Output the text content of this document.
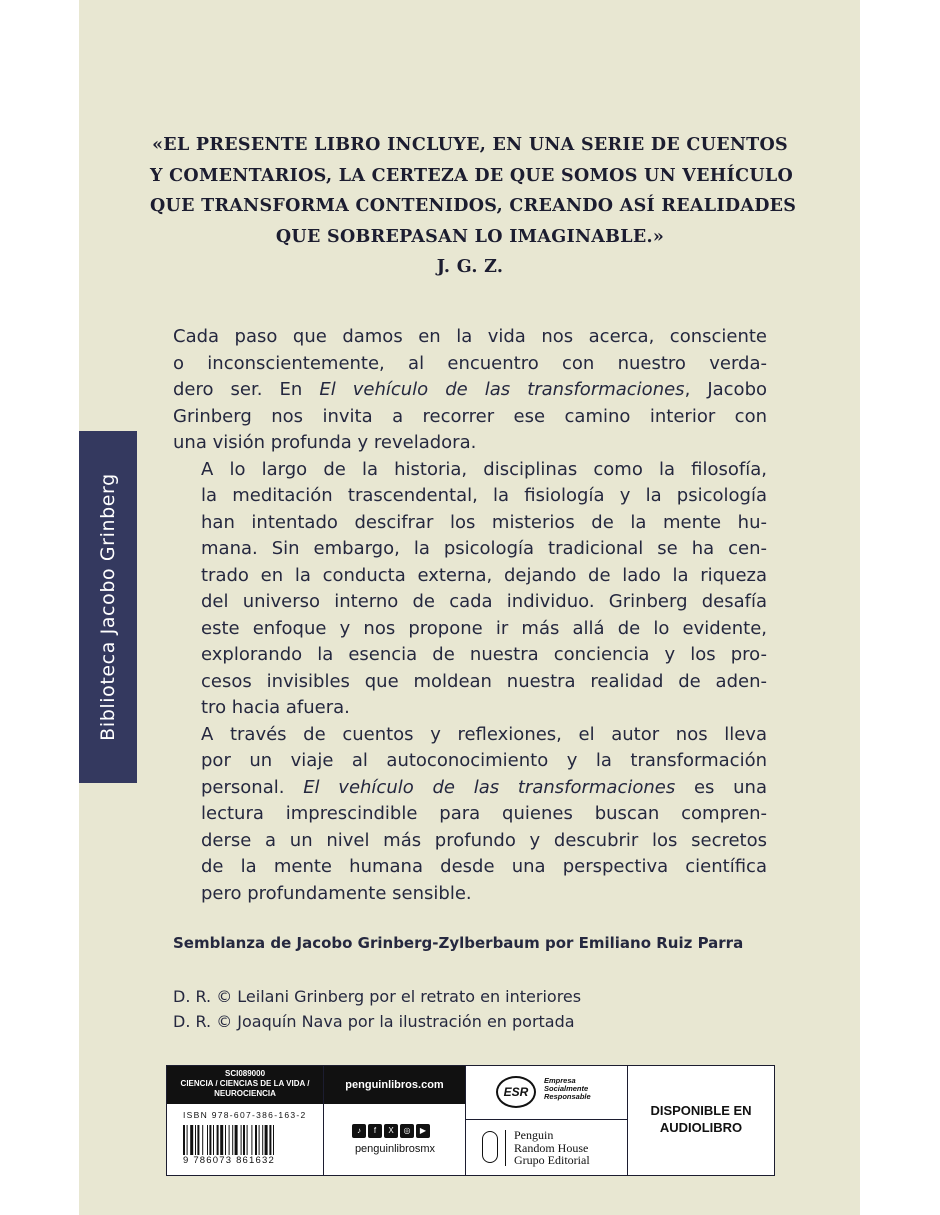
Biblioteca Jacobo Grinberg
«EL PRESENTE LIBRO INCLUYE, EN UNA SERIE DE CUENTOS
Y COMENTARIOS, LA CERTEZA DE QUE SOMOS UN VEHÍCULO
QUE TRANSFORMA CONTENIDOS, CREANDO ASÍ REALIDADES
QUE SOBREPASAN LO IMAGINABLE.»
J. G. Z.

Cada paso que damos en la vida nos acerca, consciente
o inconscientemente, al encuentro con nuestro verda-
dero ser. En El vehículo de las transformaciones, Jacobo
Grinberg nos invita a recorrer ese camino interior con
una visión profunda y reveladora.

A lo largo de la historia, disciplinas como la filosofía,
la meditación trascendental, la fisiología y la psicología
han intentado descifrar los misterios de la mente hu-
mana. Sin embargo, la psicología tradicional se ha cen-
trado en la conducta externa, dejando de lado la riqueza
del universo interno de cada individuo. Grinberg desafía
este enfoque y nos propone ir más allá de lo evidente,
explorando la esencia de nuestra conciencia y los pro-
cesos invisibles que moldean nuestra realidad de aden-
tro hacia afuera.

A través de cuentos y reflexiones, el autor nos lleva
por un viaje al autoconocimiento y la transformación
personal. El vehículo de las transformaciones es una
lectura imprescindible para quienes buscan compren-
derse a un nivel más profundo y descubrir los secretos
de la mente humana desde una perspectiva científica
pero profundamente sensible.

Semblanza de Jacobo Grinberg-Zylberbaum por Emiliano Ruiz Parra
D. R. © Leilani Grinberg por el retrato en interiores
D. R. © Joaquín Nava por la ilustración en portada
SCI089000
CIENCIA / CIENCIAS DE LA VIDA /
NEUROCIENCIA
ISBN 978-607-386-163-2
9 786073 861632
penguinlibros.com
♪	f	X	◎	▶
penguinlibrosmx
ESR
Empresa
Socialmente
Responsable
Penguin
Random House
Grupo Editorial
DISPONIBLE EN
AUDIOLIBRO
